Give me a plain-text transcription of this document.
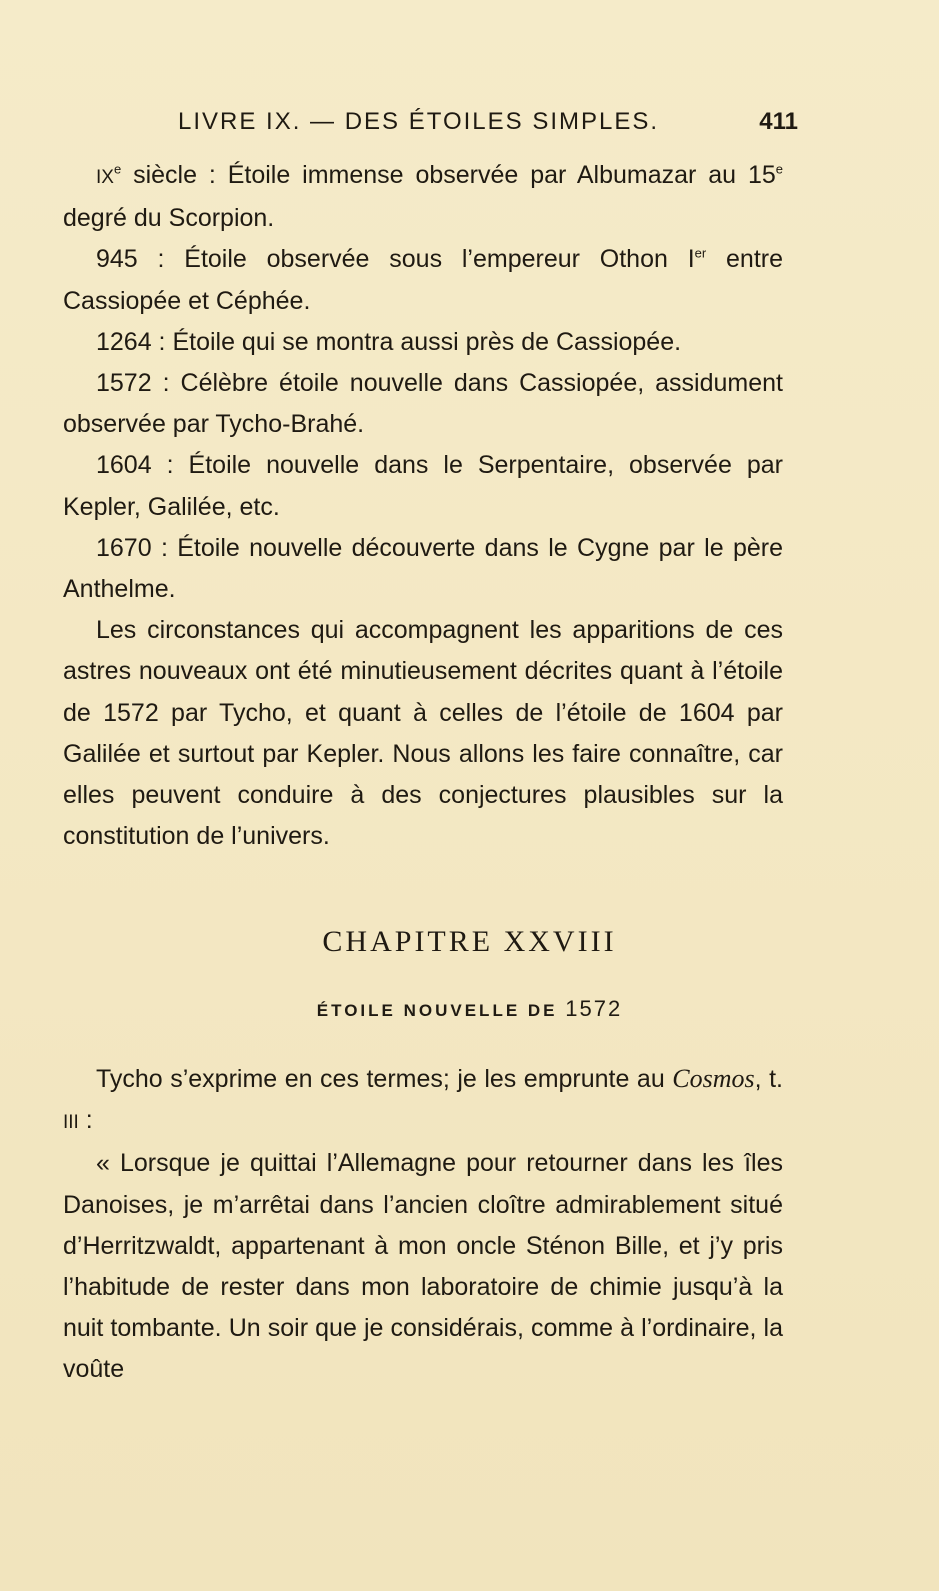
LIVRE IX. — DES ÉTOILES SIMPLES.	411

IXe siècle : Étoile immense observée par Albumazar au 15e degré du Scorpion.

945 : Étoile observée sous l’empereur Othon Ier entre Cassiopée et Céphée.

1264 : Étoile qui se montra aussi près de Cassiopée.

1572 : Célèbre étoile nouvelle dans Cassiopée, assidument observée par Tycho-Brahé.

1604 : Étoile nouvelle dans le Serpentaire, observée par Kepler, Galilée, etc.

1670 : Étoile nouvelle découverte dans le Cygne par le père Anthelme.

Les circonstances qui accompagnent les apparitions de ces astres nouveaux ont été minutieusement décrites quant à l’étoile de 1572 par Tycho, et quant à celles de l’étoile de 1604 par Galilée et surtout par Kepler. Nous allons les faire connaître, car elles peuvent conduire à des conjectures plausibles sur la constitution de l’univers.

CHAPITRE XXVIII
ÉTOILE NOUVELLE DE 1572

Tycho s’exprime en ces termes; je les emprunte au Cosmos, t. III :

« Lorsque je quittai l’Allemagne pour retourner dans les îles Danoises, je m’arrêtai dans l’ancien cloître admirablement situé d’Herritzwaldt, appartenant à mon oncle Sténon Bille, et j’y pris l’habitude de rester dans mon laboratoire de chimie jusqu’à la nuit tombante. Un soir que je considérais, comme à l’ordinaire, la voûte
